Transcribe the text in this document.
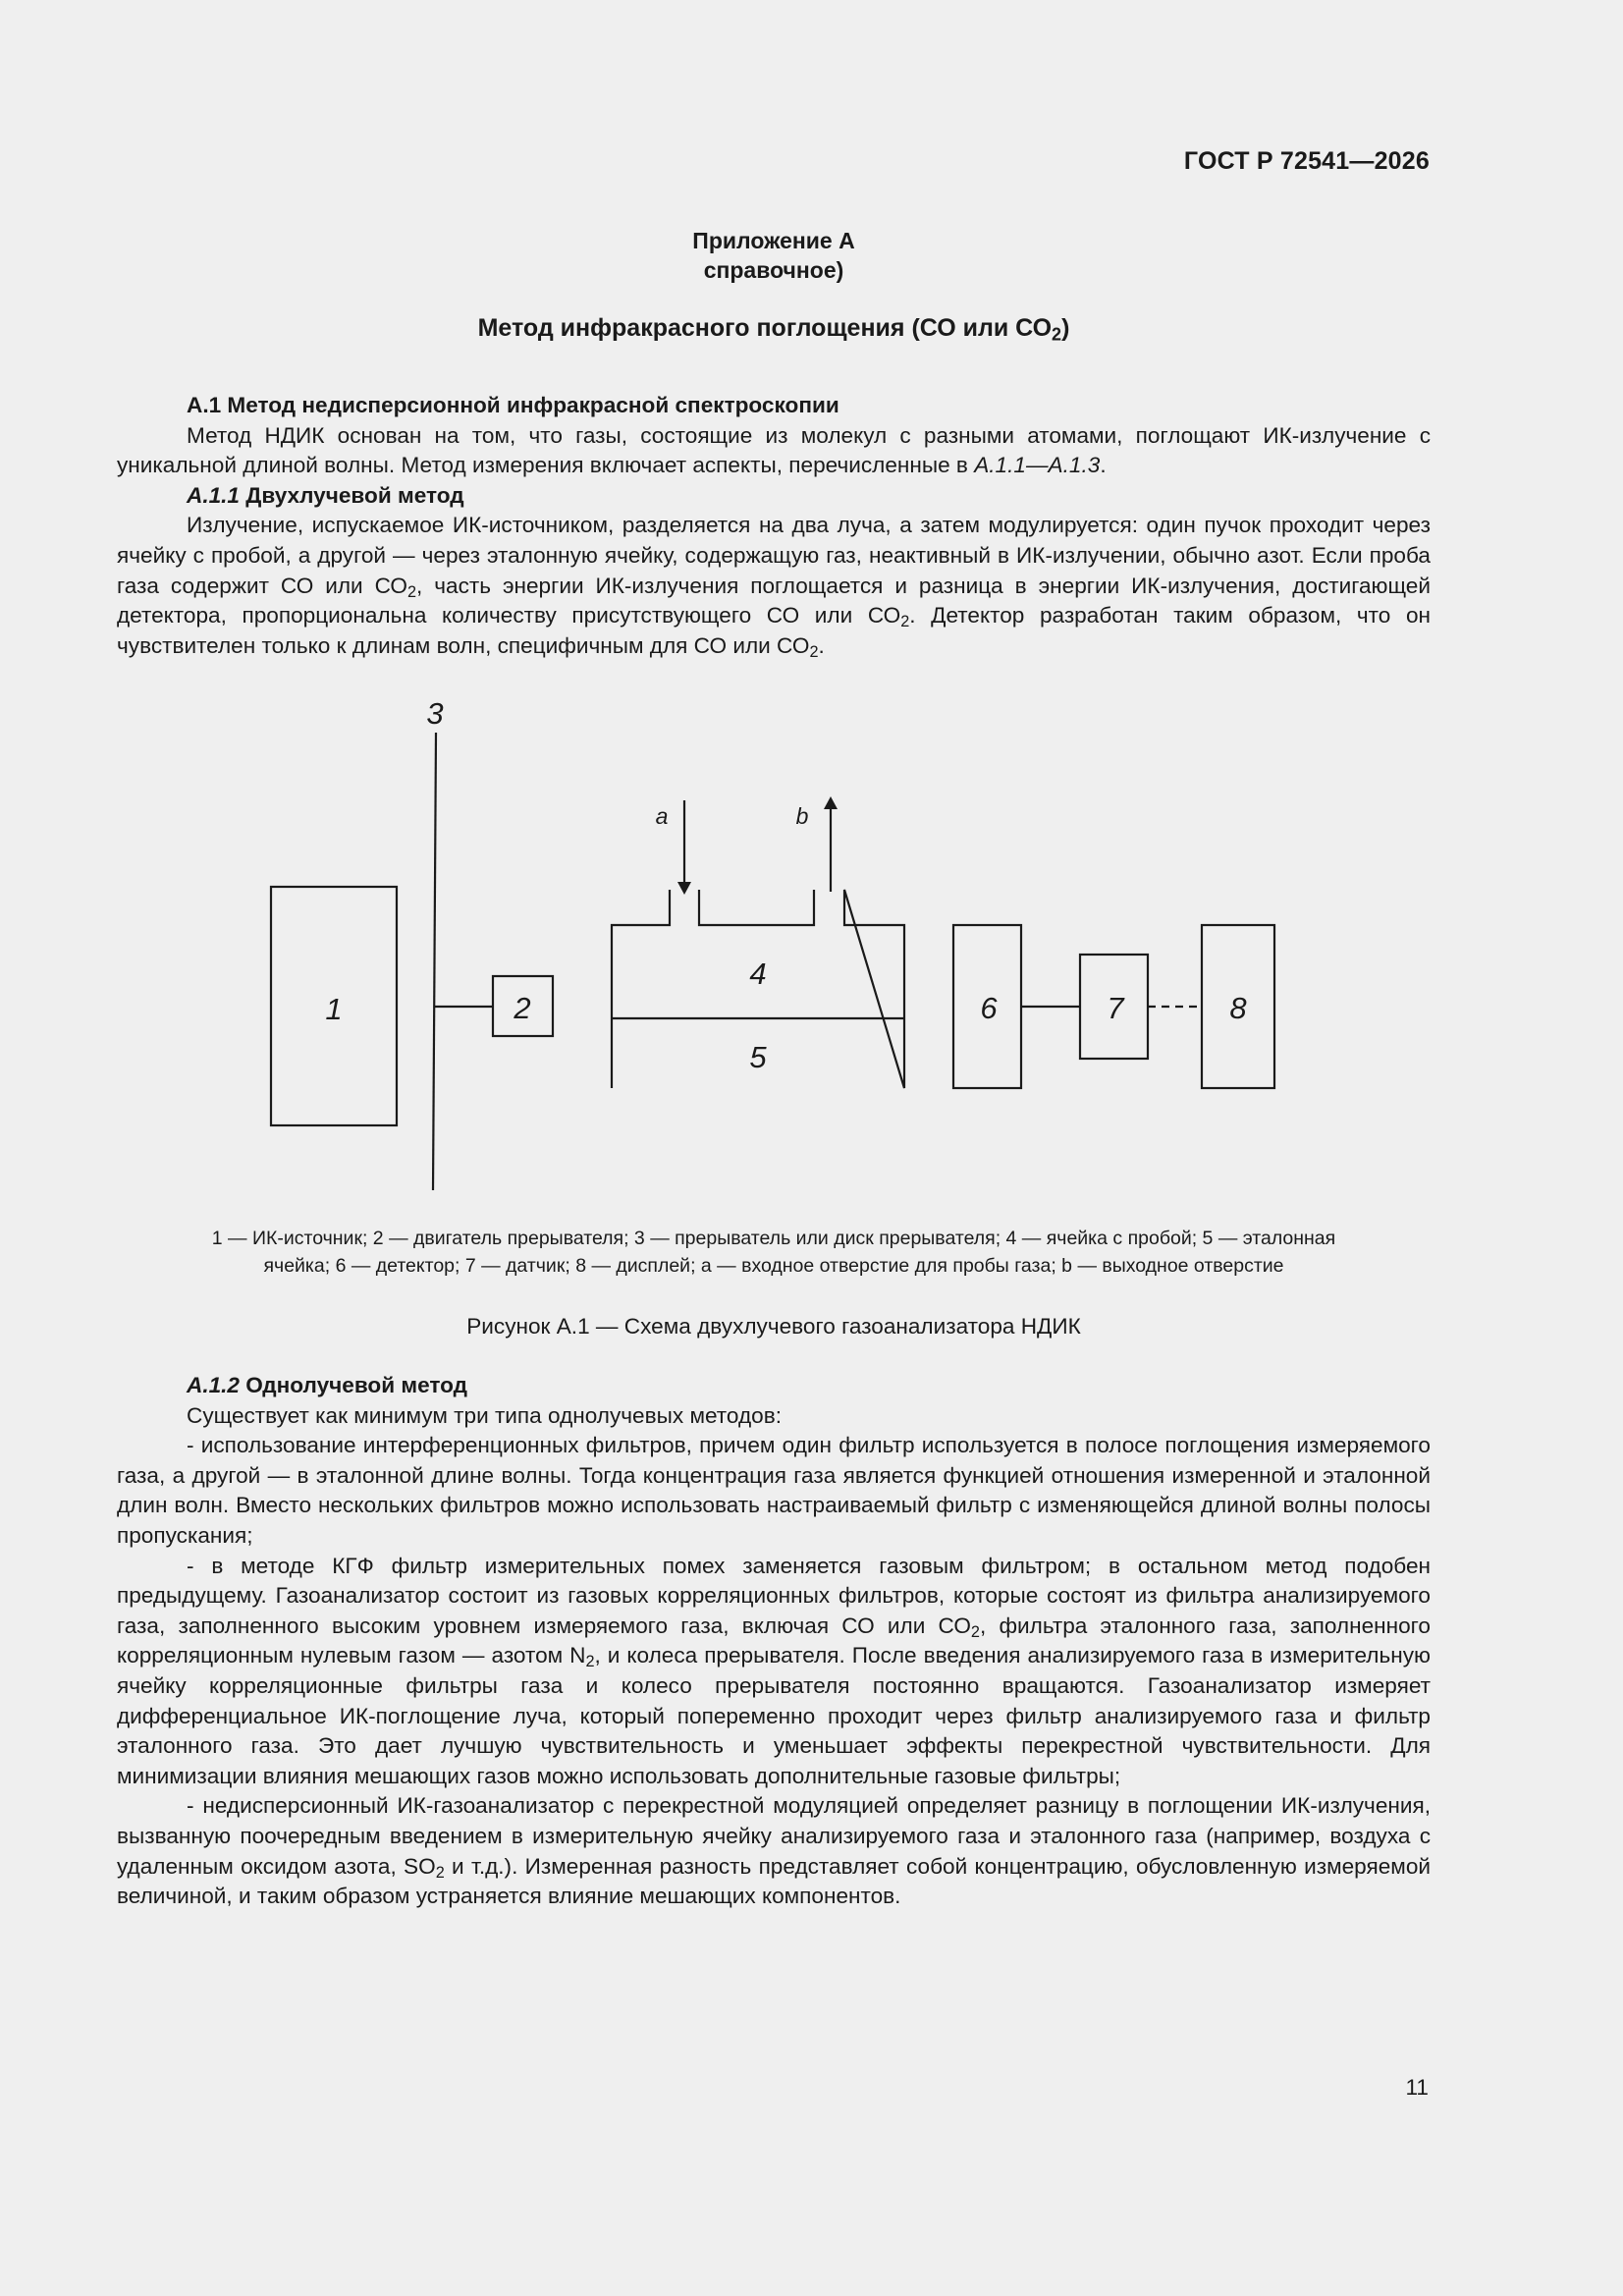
ГОСТ Р 72541—2026
Приложение А
справочное)
Метод инфракрасного поглощения (СО или $СО_2$)

А.1 Метод недисперсионной инфракрасной спектроскопии

Метод НДИК основан на том, что газы, состоящие из молекул с разными атомами, поглощают ИК-излучение с уникальной длиной волны. Метод измерения включает аспекты, перечисленные в А.1.1—А.1.3.

А.1.1 Двухлучевой метод

Излучение, испускаемое ИК-источником, разделяется на два луча, а затем модулируется: один пучок проходит через ячейку с пробой, а другой — через эталонную ячейку, содержащую газ, неактивный в ИК-излучении, обычно азот. Если проба газа содержит СО или $СО_2$, часть энергии ИК-излучения поглощается и разница в энергии ИК-излучения, достигающей детектора, пропорциональна количеству присутствующего СО или $СО_2$. Детектор разработан таким образом, что он чувствителен только к длинам волн, специфичным для СО или $СО_2$.

1
3
2
4
5
6	7	8
a	b
1 — ИК-источник; 2 — двигатель прерывателя; 3 — прерыватель или диск прерывателя; 4 — ячейка с пробой; 5 — эталонная
ячейка; 6 — детектор; 7 — датчик; 8 — дисплей; a — входное отверстие для пробы газа; b — выходное отверстие
Рисунок А.1 — Схема двухлучевого газоанализатора НДИК

А.1.2 Однолучевой метод

Существует как минимум три типа однолучевых методов:

- использование интерференционных фильтров, причем один фильтр используется в полосе поглощения измеряемого газа, а другой — в эталонной длине волны. Тогда концентрация газа является функцией отношения измеренной и эталонной длин волн. Вместо нескольких фильтров можно использовать настраиваемый фильтр с изменяющейся длиной волны полосы пропускания;

- в методе КГФ фильтр измерительных помех заменяется газовым фильтром; в остальном метод подобен предыдущему. Газоанализатор состоит из газовых корреляционных фильтров, которые состоят из фильтра анализируемого газа, заполненного высоким уровнем измеряемого газа, включая СО или $СО_2$, фильтра эталонного газа, заполненного корреляционным нулевым газом — азотом $N_2$, и колеса прерывателя. После введения анализируемого газа в измерительную ячейку корреляционные фильтры газа и колесо прерывателя постоянно вращаются. Газоанализатор измеряет дифференциальное ИК-поглощение луча, который попеременно проходит через фильтр анализируемого газа и фильтр эталонного газа. Это дает лучшую чувствительность и уменьшает эффекты перекрестной чувствительности. Для минимизации влияния мешающих газов можно использовать дополнительные газовые фильтры;

- недисперсионный ИК-газоанализатор с перекрестной модуляцией определяет разницу в поглощении ИК-излучения, вызванную поочередным введением в измерительную ячейку анализируемого газа и эталонного газа (например, воздуха с удаленным оксидом азота, $SO_2$ и т.д.). Измеренная разность представляет собой концентрацию, обусловленную измеряемой величиной, и таким образом устраняется влияние мешающих компонентов.

11
